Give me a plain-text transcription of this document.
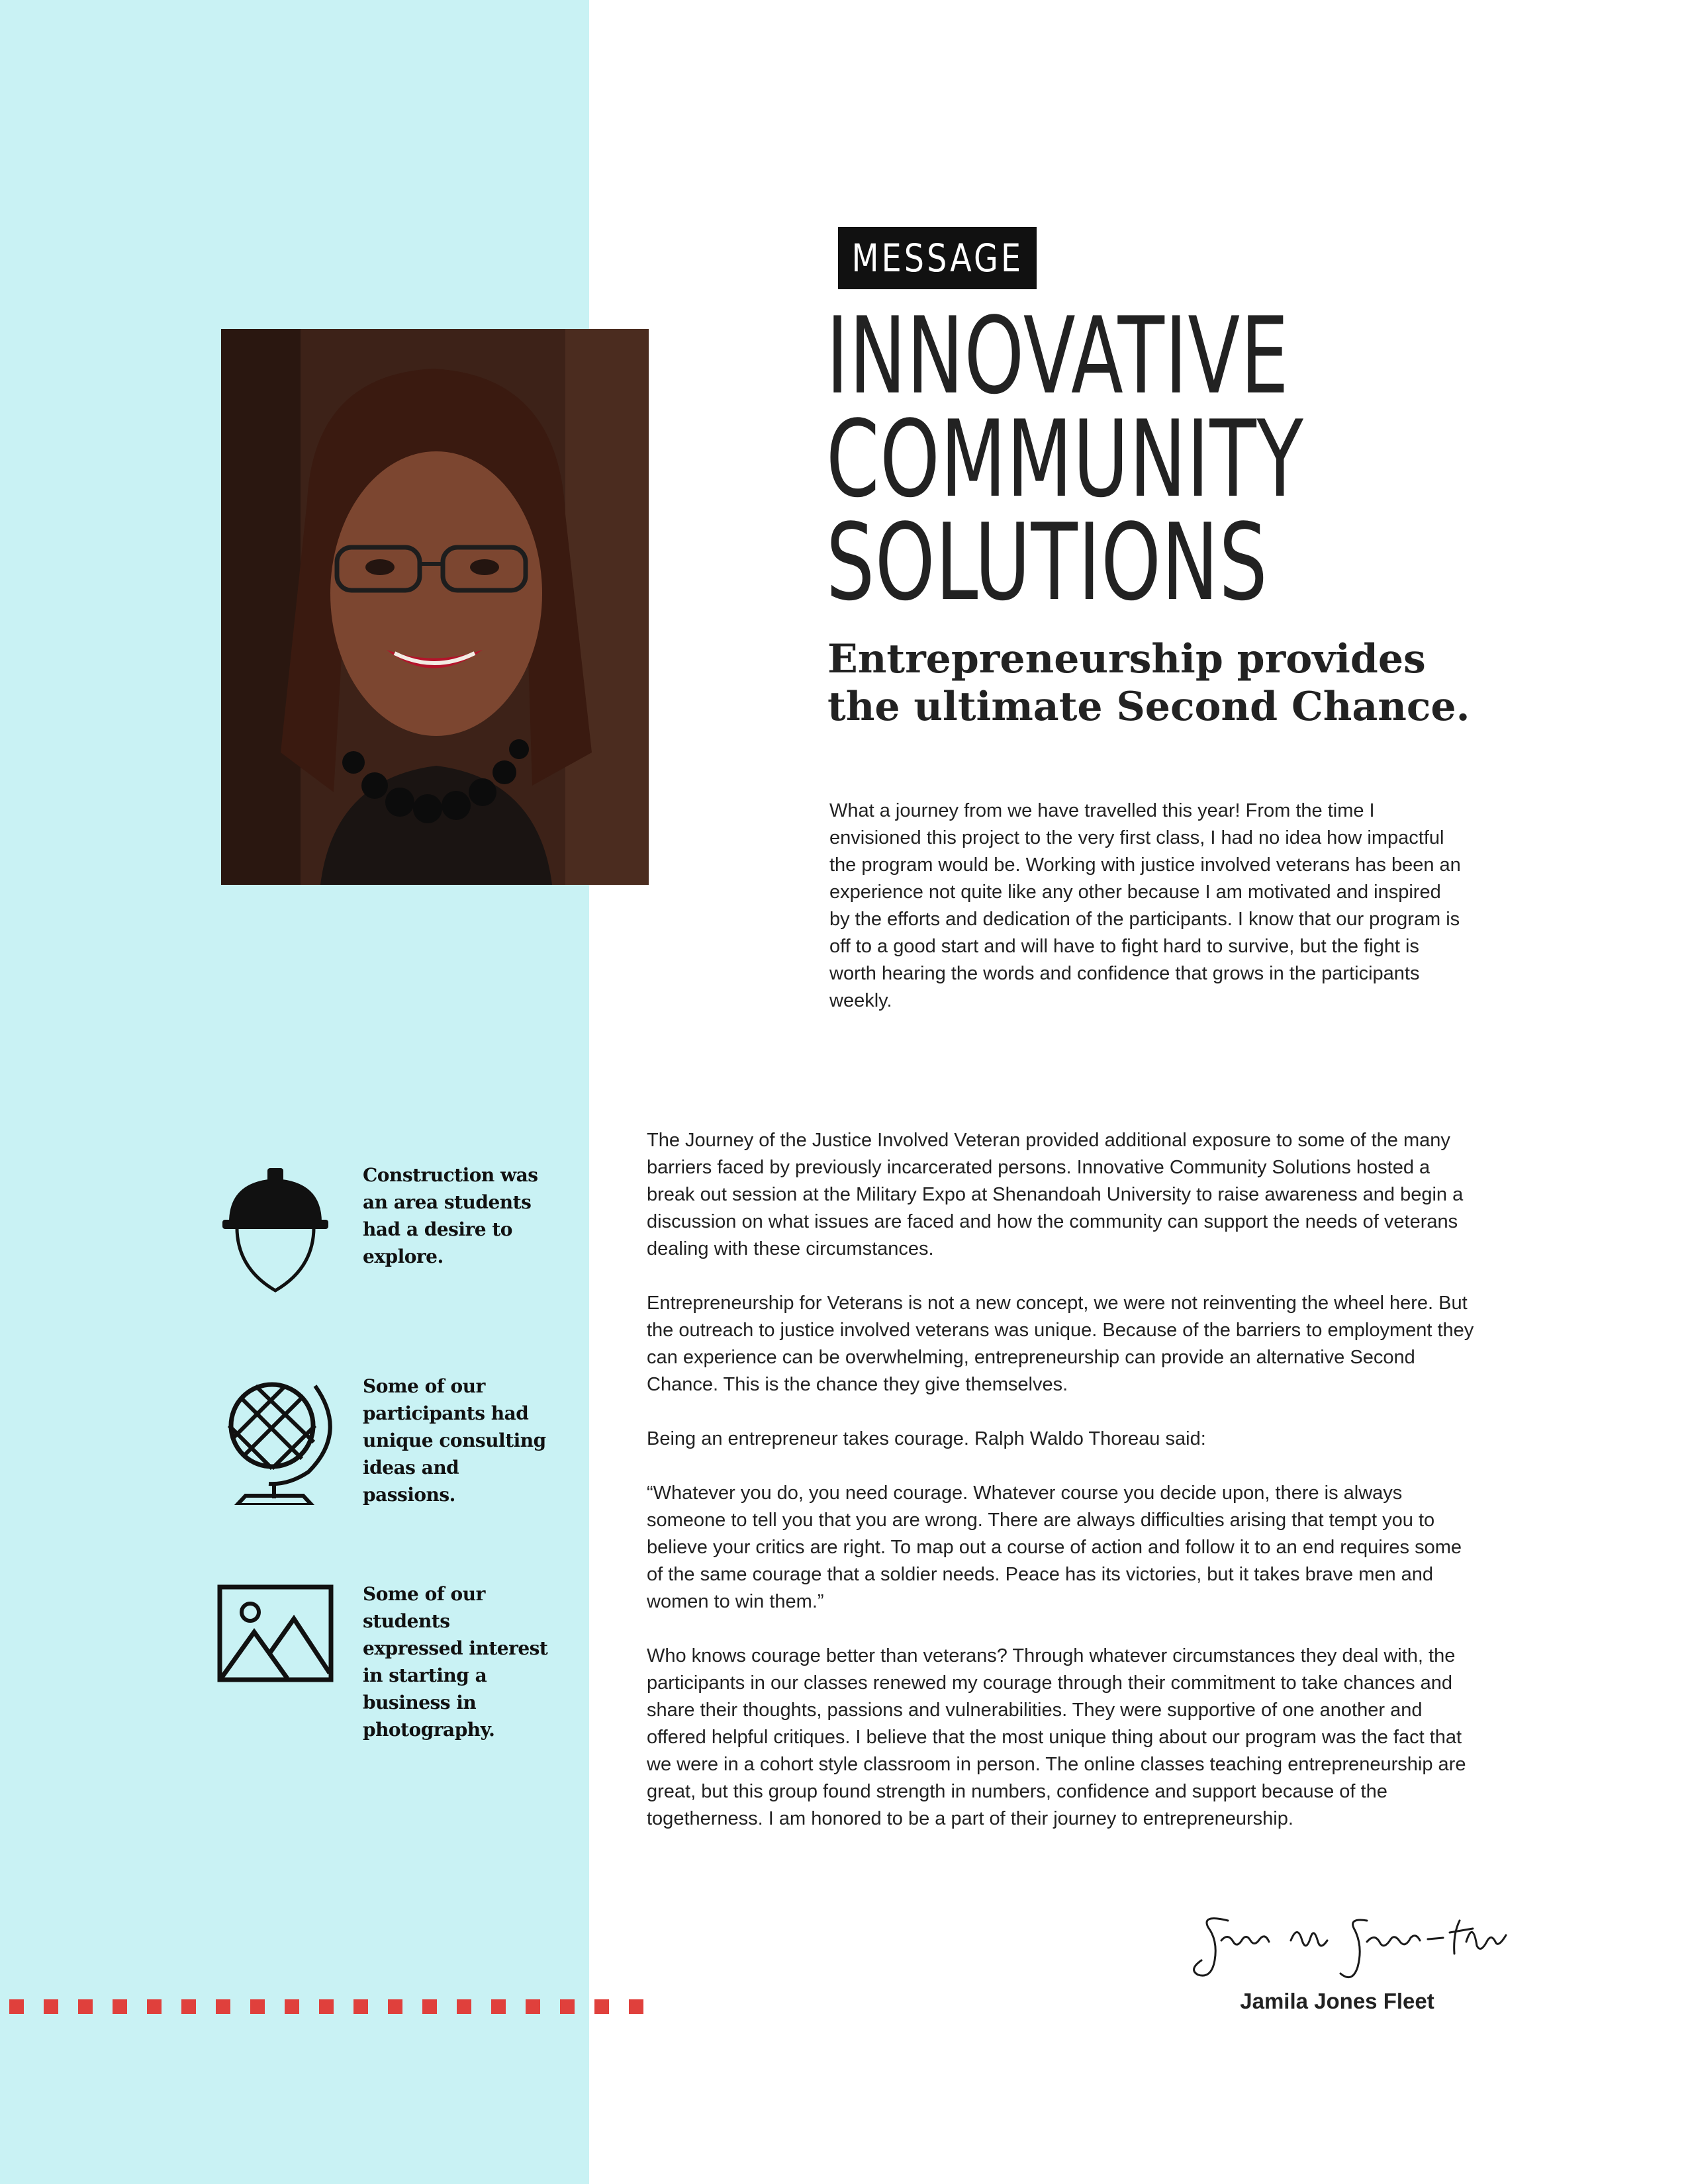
MESSAGE
INNOVATIVE
COMMUNITY
SOLUTIONS
Entrepreneurship provides
the ultimate Second Chance.

What a journey from we have travelled this year! From the time I envisioned this project to the very first class, I had no idea how impactful the program would be. Working with justice involved veterans has been an experience not quite like any other because I am motivated and inspired by the efforts and dedication of the participants. I know that our program is off to a good start and will have to fight hard to survive, but the fight is worth hearing the words and confidence that grows in the participants weekly.

The Journey of the Justice Involved Veteran provided additional exposure to some of the many barriers faced by previously incarcerated persons. Innovative Community Solutions hosted a break out session at the Military Expo at Shenandoah University to raise awareness and begin a discussion on what issues are faced and how the community can support the needs of veterans dealing with these circumstances.

Entrepreneurship for Veterans is not a new concept, we were not reinventing the wheel here. But the outreach to justice involved veterans was unique. Because of the barriers to employment they can experience can be overwhelming, entrepreneurship can provide an alternative Second Chance. This is the chance they give themselves.

Being an entrepreneur takes courage. Ralph Waldo Thoreau said:

“Whatever you do, you need courage. Whatever course you decide upon, there is always someone to tell you that you are wrong. There are always difficulties arising that tempt you to believe your critics are right. To map out a course of action and follow it to an end requires some of the same courage that a soldier needs. Peace has its victories, but it takes brave men and women to win them.”

Who knows courage better than veterans? Through whatever circumstances they deal with, the participants in our classes renewed my courage through their commitment to take chances and share their thoughts, passions and vulnerabilities. They were supportive of one another and offered helpful critiques. I believe that the most unique thing about our program was the fact that we were in a cohort style classroom in person. The online classes teaching entrepreneurship are great, but this group found strength in numbers, confidence and support because of the togetherness. I am honored to be a part of their journey to entrepreneurship.

Construction was an area students had a desire to explore.
Some of our participants had unique consulting ideas and passions.
Some of our students expressed interest in starting a business in photography.
Jamila Jones Fleet
